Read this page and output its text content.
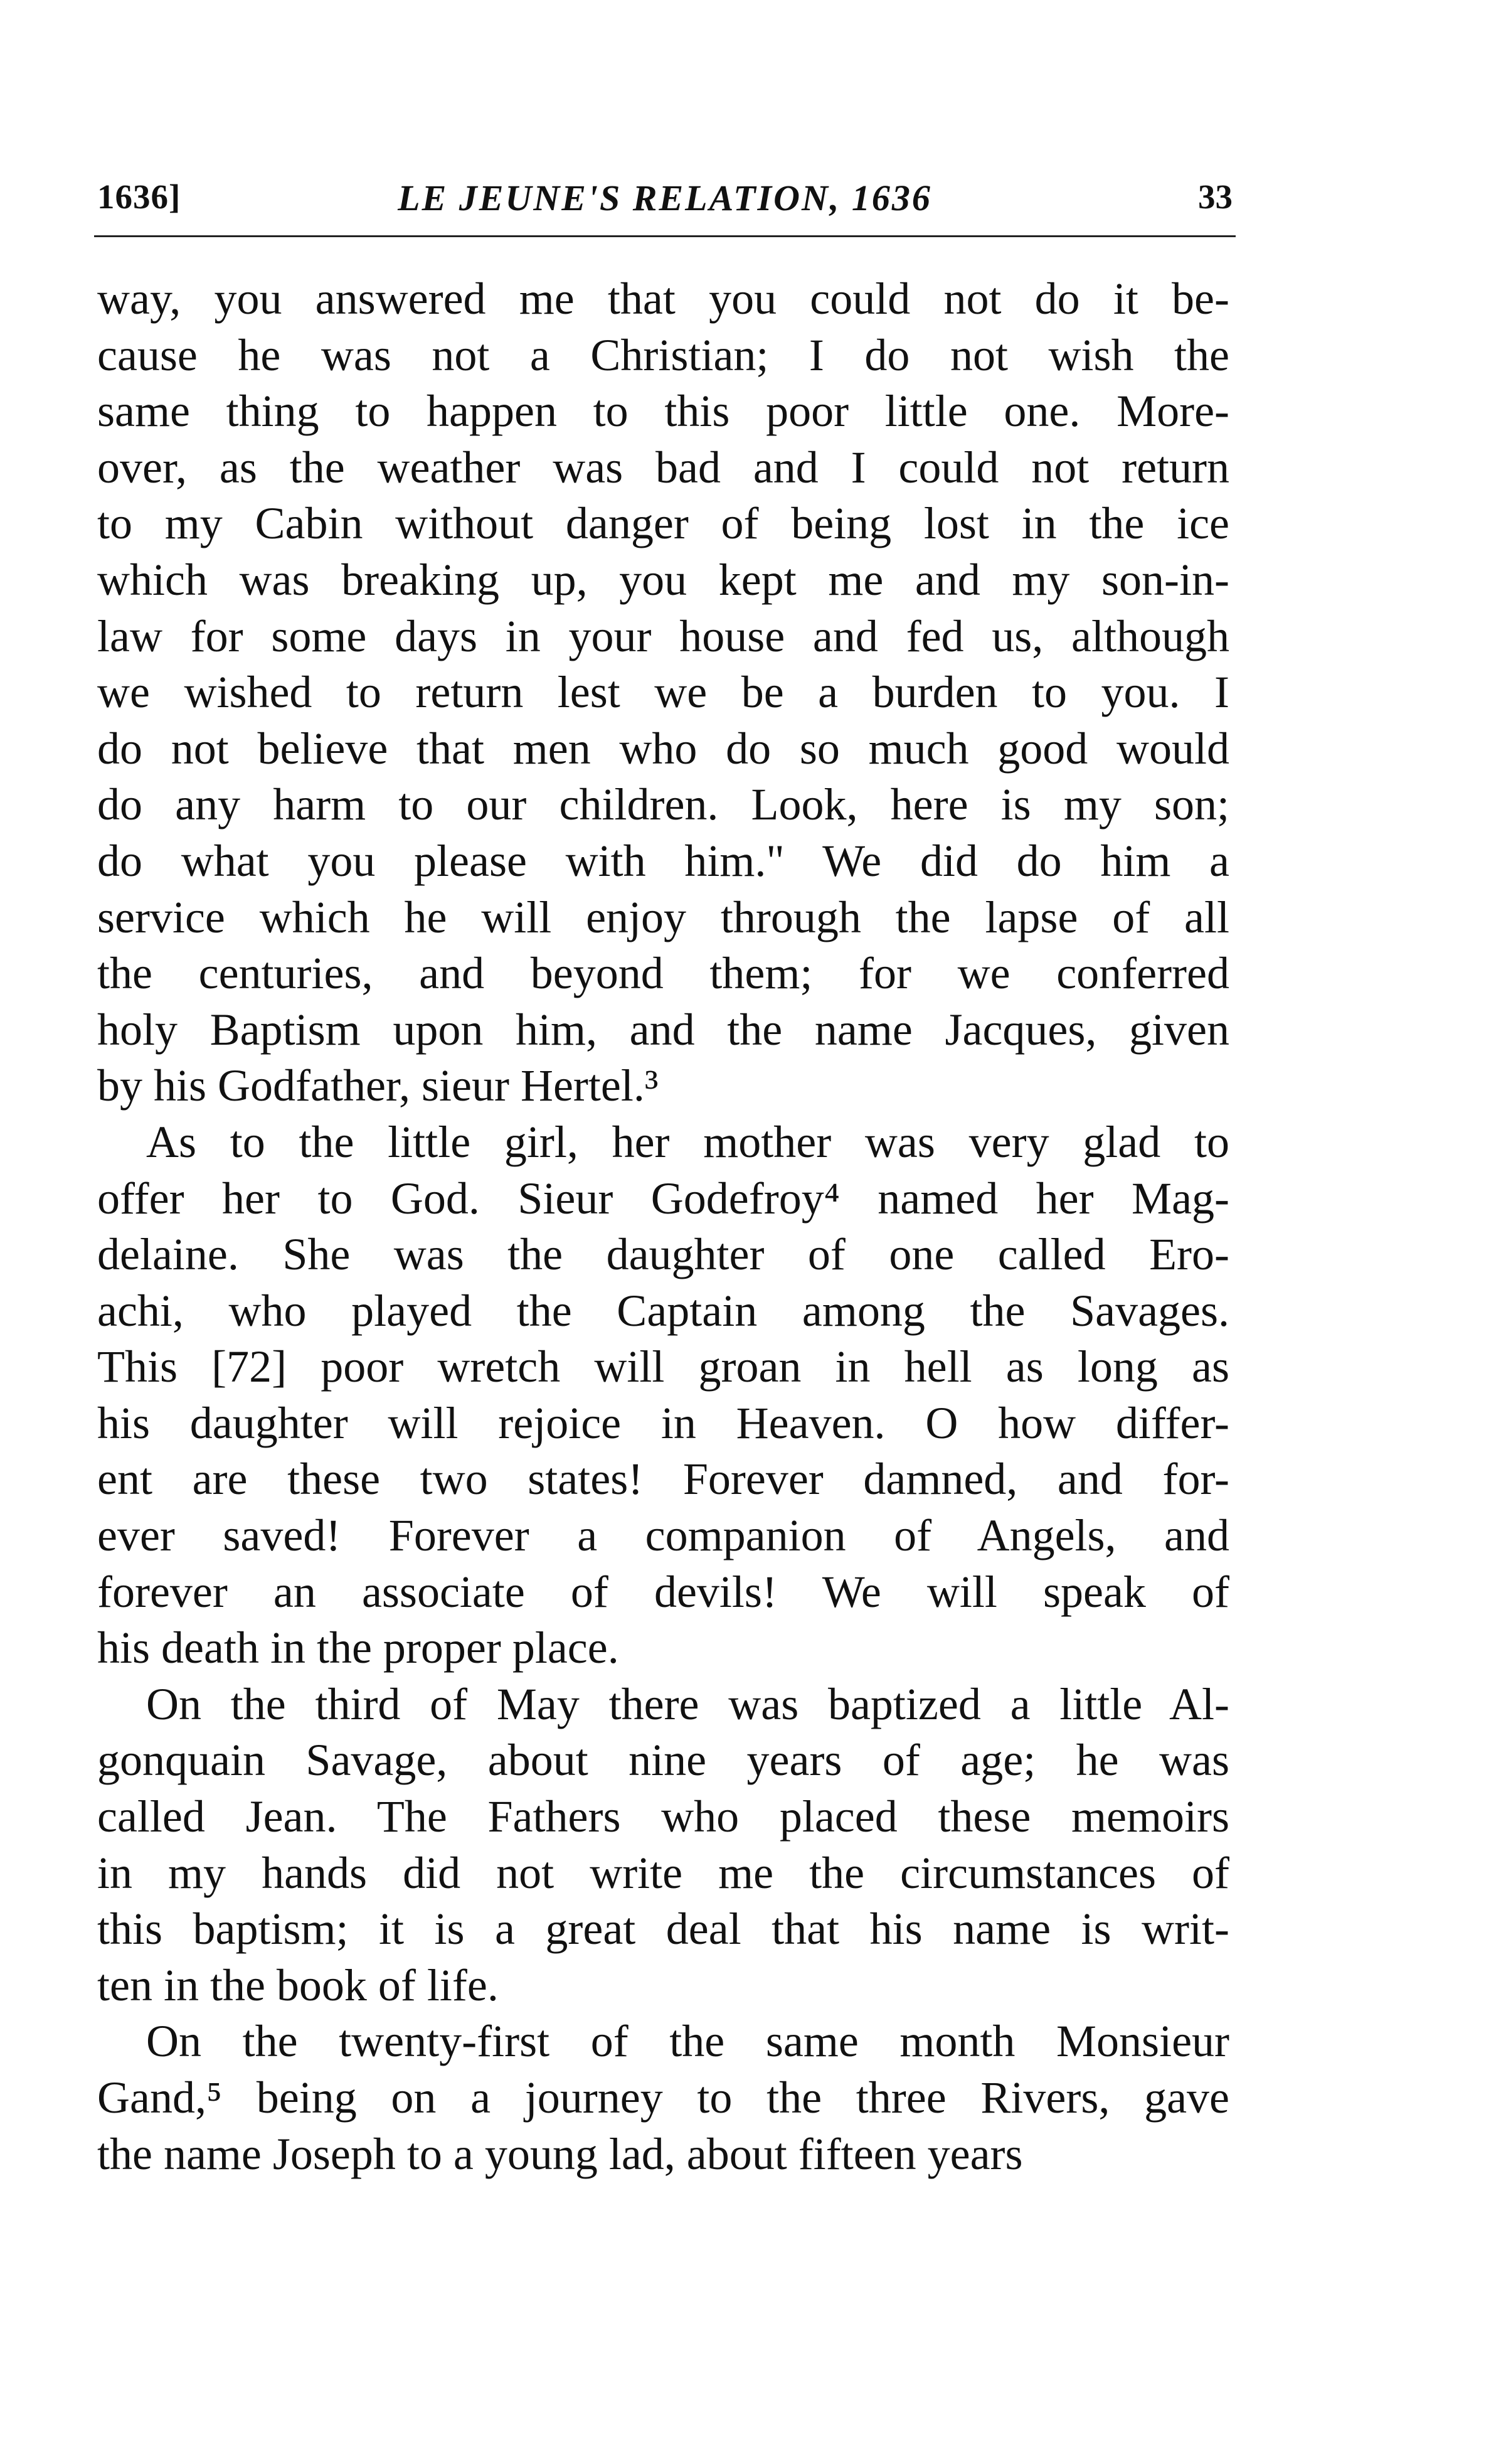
1636]	LE JEUNE'S RELATION, 1636	33
way, you answered me that you could not do it be-
cause he was not a Christian; I do not wish the
same thing to happen to this poor little one. More-
over, as the weather was bad and I could not return
to my Cabin without danger of being lost in the ice
which was breaking up, you kept me and my son-in-
law for some days in your house and fed us, although
we wished to return lest we be a burden to you. I
do not believe that men who do so much good would
do any harm to our children. Look, here is my son;
do what you please with him." We did do him a
service which he will enjoy through the lapse of all
the centuries, and beyond them; for we conferred
holy Baptism upon him, and the name Jacques, given
by his Godfather, sieur Hertel.³
As to the little girl, her mother was very glad to
offer her to God. Sieur Godefroy⁴ named her Mag-
delaine. She was the daughter of one called Ero-
achi, who played the Captain among the Savages.
This [72] poor wretch will groan in hell as long as
his daughter will rejoice in Heaven. O how differ-
ent are these two states! Forever damned, and for-
ever saved! Forever a companion of Angels, and
forever an associate of devils! We will speak of
his death in the proper place.
On the third of May there was baptized a little Al-
gonquain Savage, about nine years of age; he was
called Jean. The Fathers who placed these memoirs
in my hands did not write me the circumstances of
this baptism; it is a great deal that his name is writ-
ten in the book of life.
On the twenty-first of the same month Monsieur
Gand,⁵ being on a journey to the three Rivers, gave
the name Joseph to a young lad, about fifteen years
